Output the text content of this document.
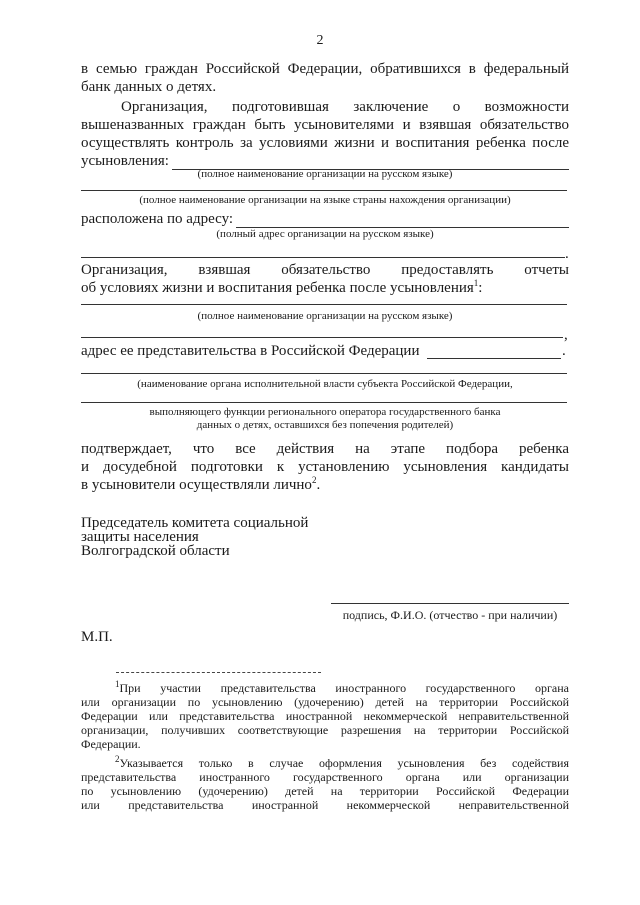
2
в семью граждан Российской Федерации, обратившихся в федеральный
банк данных о детях.
Организация, подготовившая заключение о возможности
вышеназванных граждан быть усыновителями и взявшая обязательство
осуществлять контроль за условиями жизни и воспитания ребенка после
усыновления:
(полное наименование организации на русском языке)
(полное наименование организации на языке страны нахождения организации)
расположена по адресу:
(полный адрес организации на русском языке)
.
Организация, взявшая обязательство предоставлять отчеты
об условиях жизни и воспитания ребенка после усыновления$^1$:
(полное наименование организации на русском языке)
,
адрес ее представительства в Российской Федерации	.
(наименование органа исполнительной власти субъекта Российской Федерации,
выполняющего функции регионального оператора государственного банка
данных о детях, оставшихся без попечения родителей)
подтверждает, что все действия на этапе подбора ребенка
и досудебной подготовки к установлению усыновления кандидаты
в усыновители осуществляли лично$^2$.
Председатель комитета социальной
защиты населения
Волгоградской области
подпись, Ф.И.О. (отчество - при наличии)
М.П.
$^1$При участии представительства иностранного государственного органа
или организации по усыновлению (удочерению) детей на территории Российской
Федерации или представительства иностранной некоммерческой неправительственной
организации, получивших соответствующие разрешения на территории Российской
Федерации.
$^2$Указывается только в случае оформления усыновления без содействия
представительства иностранного государственного органа или организации
по усыновлению (удочерению) детей на территории Российской Федерации
или представительства иностранной некоммерческой неправительственной
